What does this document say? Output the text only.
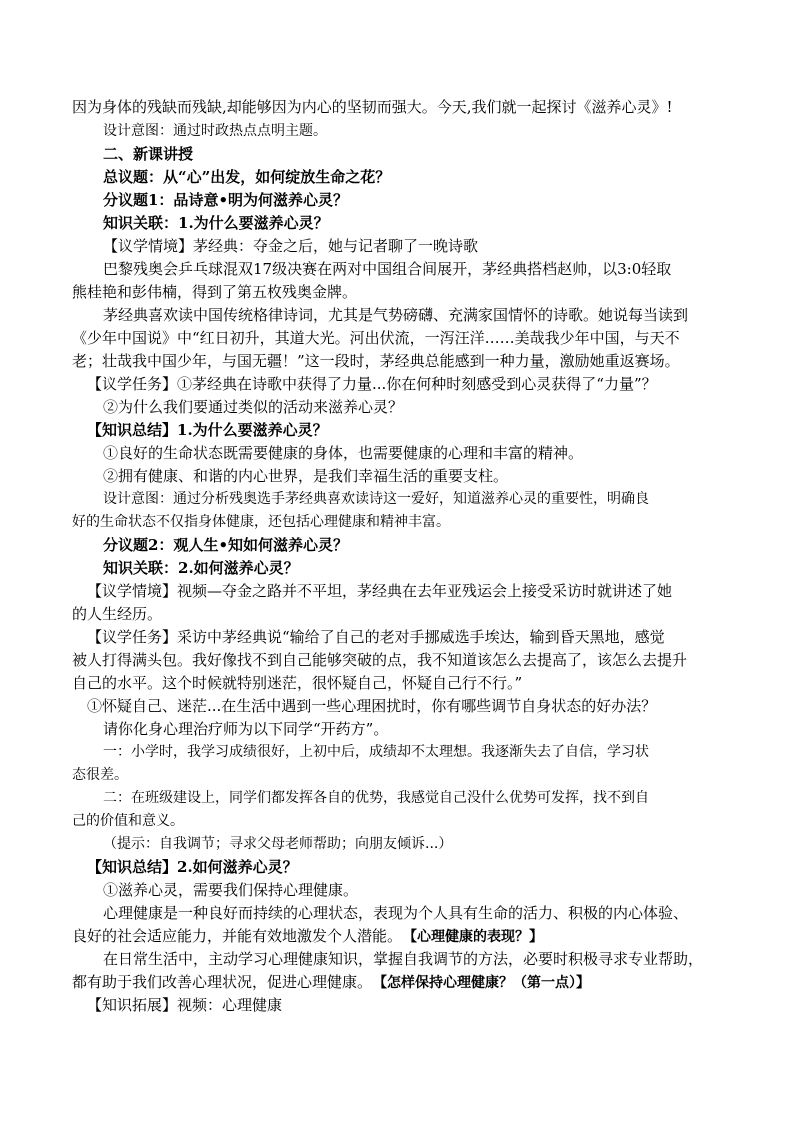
因为身体的残缺而残缺,却能够因为内心的坚韧而强大。今天,我们就一起探讨《滋养心灵》!
设计意图：通过时政热点点明主题。
二、新课讲授
总议题：从“心”出发，如何绽放生命之花？
分议题1：品诗意•明为何滋养心灵？
知识关联：1.为什么要滋养心灵？
【议学情境】茅经典：夺金之后，她与记者聊了一晚诗歌
巴黎残奥会乒乓球混双17级决赛在两对中国组合间展开，茅经典搭档赵帅，以3:0轻取
熊桂艳和彭伟楠，得到了第五枚残奥金牌。
茅经典喜欢读中国传统格律诗词，尤其是气势磅礴、充满家国情怀的诗歌。她说每当读到
《少年中国说》中“红日初升，其道大光。河出伏流，一泻汪洋……美哉我少年中国，与天不
老；壮哉我中国少年，与国无疆！”这一段时，茅经典总能感到一种力量，激励她重返赛场。
【议学任务】①茅经典在诗歌中获得了力量...你在何种时刻感受到心灵获得了“力量”？
②为什么我们要通过类似的活动来滋养心灵？
【知识总结】1.为什么要滋养心灵？
①良好的生命状态既需要健康的身体，也需要健康的心理和丰富的精神。
②拥有健康、和谐的内心世界，是我们幸福生活的重要支柱。
设计意图：通过分析残奥选手茅经典喜欢读诗这一爱好，知道滋养心灵的重要性，明确良
好的生命状态不仅指身体健康，还包括心理健康和精神丰富。
分议题2：观人生•知如何滋养心灵？
知识关联：2.如何滋养心灵？
【议学情境】视频—夺金之路并不平坦，茅经典在去年亚残运会上接受采访时就讲述了她
的人生经历。
【议学任务】采访中茅经典说“输给了自己的老对手挪威选手埃达，输到昏天黑地，感觉
被人打得满头包。我好像找不到自己能够突破的点，我不知道该怎么去提高了，该怎么去提升
自己的水平。这个时候就特别迷茫，很怀疑自己，怀疑自己行不行。”
①怀疑自己、迷茫...在生活中遇到一些心理困扰时，你有哪些调节自身状态的好办法？
请你化身心理治疗师为以下同学“开药方”。
一：小学时，我学习成绩很好，上初中后，成绩却不太理想。我逐渐失去了自信，学习状
态很差。
二：在班级建设上，同学们都发挥各自的优势，我感觉自己没什么优势可发挥，找不到自
己的价值和意义。
（提示：自我调节；寻求父母老师帮助；向朋友倾诉...）
【知识总结】2.如何滋养心灵？
①滋养心灵，需要我们保持心理健康。
心理健康是一种良好而持续的心理状态，表现为个人具有生命的活力、积极的内心体验、
良好的社会适应能力，并能有效地激发个人潜能。 【心理健康的表现？】
在日常生活中，主动学习心理健康知识，掌握自我调节的方法，必要时积极寻求专业帮助，
都有助于我们改善心理状况，促进心理健康。 【怎样保持心理健康？（第一点）】
【知识拓展】视频：心理健康
